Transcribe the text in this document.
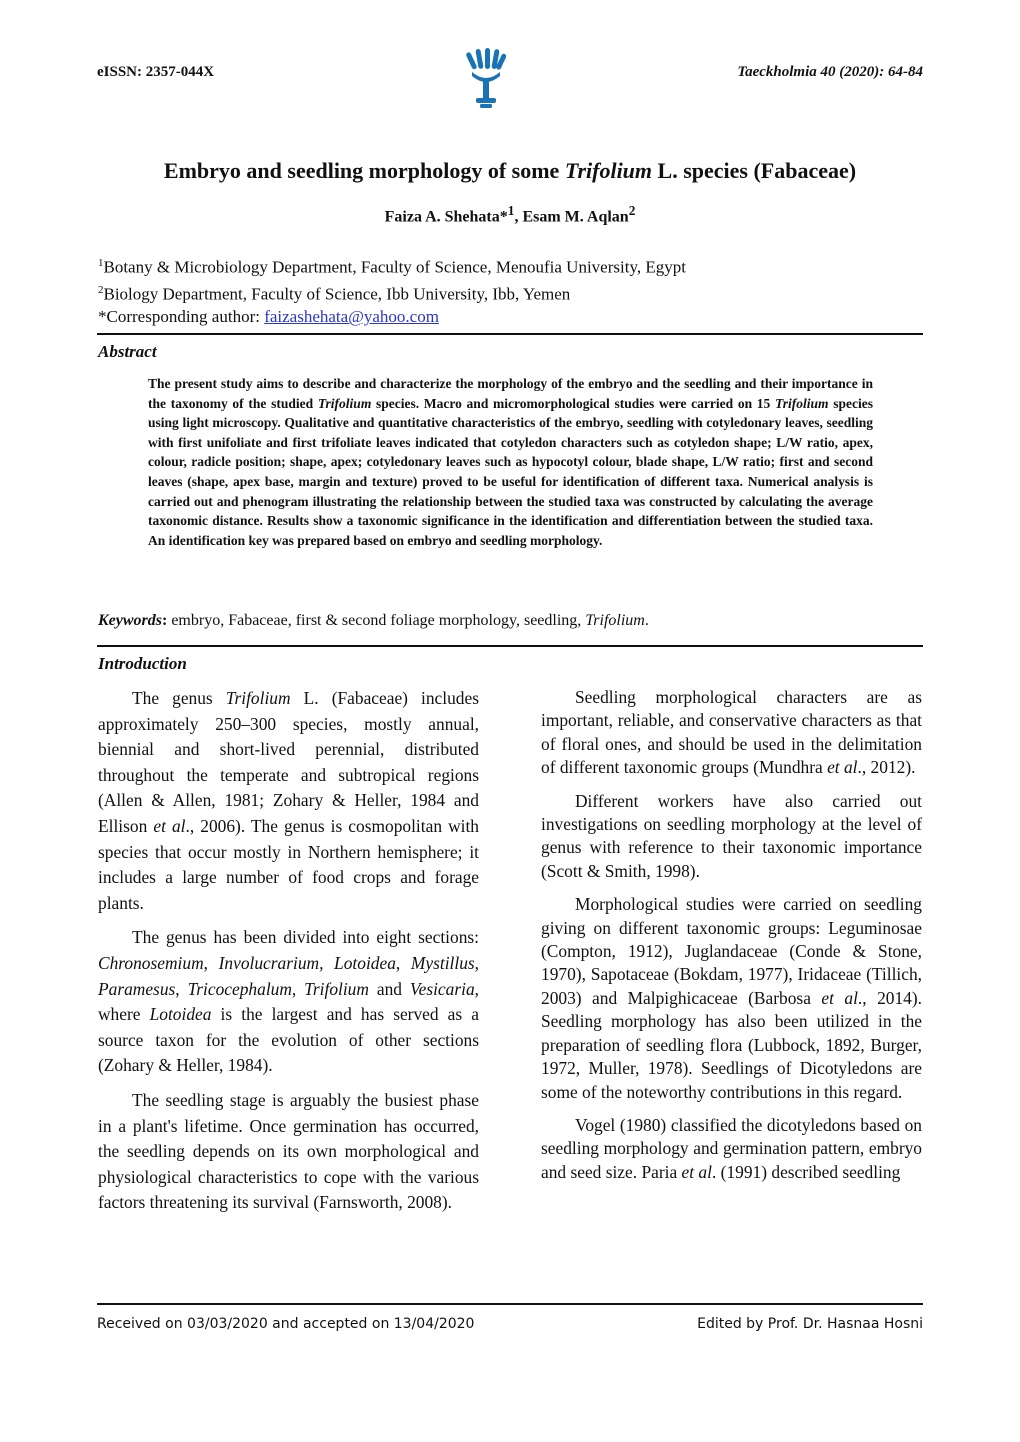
eISSN: 2357-044X	Taeckholmia 40 (2020): 64-84
Embryo and seedling morphology of some Trifolium L. species (Fabaceae)
Faiza A. Shehata*$^1$, Esam M. Aqlan$^2$
$^1$Botany & Microbiology Department, Faculty of Science, Menoufia University, Egypt
$^2$Biology Department, Faculty of Science, Ibb University, Ibb, Yemen
*Corresponding author: faizashehata@yahoo.com
Abstract
The present study aims to describe and characterize the morphology of the embryo and the seedling and their importance in the taxonomy of the studied Trifolium species. Macro and micromorphological studies were carried on 15 Trifolium species using light microscopy. Qualitative and quantitative characteristics of the embryo, seedling with cotyledonary leaves, seedling with first unifoliate and first trifoliate leaves indicated that cotyledon characters such as cotyledon shape; L/W ratio, apex, colour, radicle position; shape, apex; cotyledonary leaves such as hypocotyl colour, blade shape, L/W ratio; first and second leaves (shape, apex base, margin and texture) proved to be useful for identification of different taxa. Numerical analysis is carried out and phenogram illustrating the relationship between the studied taxa was constructed by calculating the average taxonomic distance. Results show a taxonomic significance in the identification and differentiation between the studied taxa. An identification key was prepared based on embryo and seedling morphology.
Keywords: embryo, Fabaceae, first & second foliage morphology, seedling, Trifolium.
Introduction

The genus Trifolium L. (Fabaceae) includes approximately 250–300 species, mostly annual, biennial and short-lived perennial, distributed throughout the temperate and subtropical regions (Allen & Allen, 1981; Zohary & Heller, 1984 and Ellison et al., 2006). The genus is cosmopolitan with species that occur mostly in Northern hemisphere; it includes a large number of food crops and forage plants.

The genus has been divided into eight sections: Chronosemium, Involucrarium, Lotoidea, Mystillus, Paramesus, Tricocephalum, Trifolium and Vesicaria, where Lotoidea is the largest and has served as a source taxon for the evolution of other sections (Zohary & Heller, 1984).

The seedling stage is arguably the busiest phase in a plant's lifetime. Once germination has occurred, the seedling depends on its own morphological and physiological characteristics to cope with the various factors threatening its survival (Farnsworth, 2008).

Seedling morphological characters are as important, reliable, and conservative characters as that of floral ones, and should be used in the delimitation of different taxonomic groups (Mundhra et al., 2012).

Different workers have also carried out investigations on seedling morphology at the level of genus with reference to their taxonomic importance (Scott & Smith, 1998).

Morphological studies were carried on seedling giving on different taxonomic groups: Leguminosae (Compton, 1912), Juglandaceae (Conde & Stone, 1970), Sapotaceae (Bokdam, 1977), Iridaceae (Tillich, 2003) and Malpighicaceae (Barbosa et al., 2014). Seedling morphology has also been utilized in the preparation of seedling flora (Lubbock, 1892, Burger, 1972, Muller, 1978). Seedlings of Dicotyledons are some of the noteworthy contributions in this regard.

Vogel (1980) classified the dicotyledons based on seedling morphology and germination pattern, embryo and seed size. Paria et al. (1991) described seedling

Received on 03/03/2020 and accepted on 13/04/2020	Edited by Prof. Dr. Hasnaa Hosni
